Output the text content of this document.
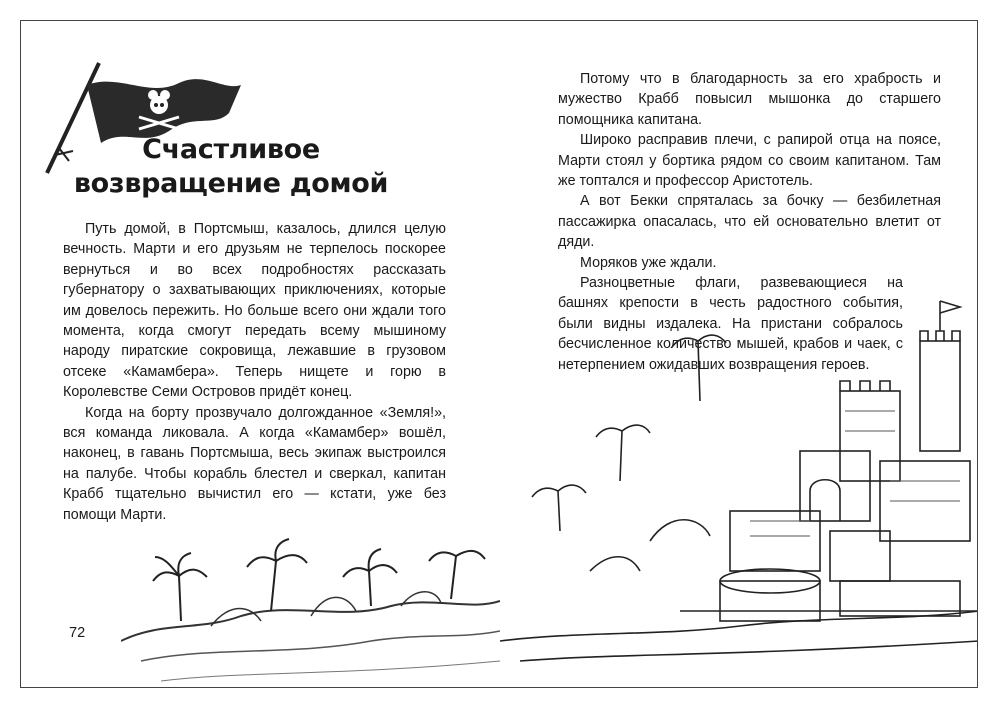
Счастливое
возвращение домой

Путь домой, в Портсмыш, казалось, длился целую вечность. Марти и его друзьям не терпелось поскорее вернуться и во всех подробностях рассказать губернатору о захватывающих приключениях, которые им довелось пережить. Но больше всего они ждали того момента, когда смогут передать всему мышиному народу пиратские сокровища, лежавшие в грузовом отсеке «Камамбера». Теперь нищете и горю в Королевстве Семи Островов придёт конец.

Когда на борту прозвучало долгожданное «Земля!», вся команда ликовала. А когда «Камамбер» вошёл, наконец, в гавань Портсмыша, весь экипаж выстроился на палубе. Чтобы корабль блестел и сверкал, капитан Крабб тщательно вычистил его — кстати, уже без помощи Марти.

72

Потому что в благодарность за его храбрость и мужество Крабб повысил мышонка до старшего помощника капитана.

Широко расправив плечи, с рапирой отца на поясе, Марти стоял у бортика рядом со своим капитаном. Там же топтался и профессор Аристотель.

А вот Бекки спряталась за бочку — безбилетная пассажирка опасалась, что ей основательно влетит от дяди.

Моряков уже ждали.

Разноцветные флаги, развевающиеся на башнях крепости в честь радостного события, были видны издалека. На пристани собралось бесчисленное количество мышей, крабов и чаек, с нетерпением ожидавших возвращения героев.
